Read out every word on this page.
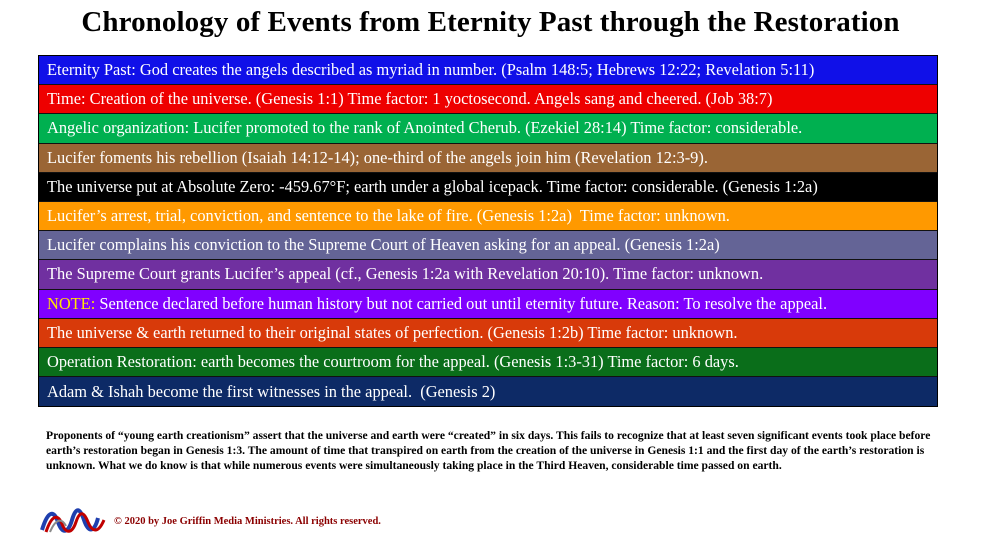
Chronology of Events from Eternity Past through the Restoration
Eternity Past: God creates the angels described as myriad in number. (Psalm 148:5; Hebrews 12:22; Revelation 5:11)
Time: Creation of the universe. (Genesis 1:1) Time factor: 1 yoctosecond. Angels sang and cheered. (Job 38:7)
Angelic organization: Lucifer promoted to the rank of Anointed Cherub. (Ezekiel 28:14) Time factor: considerable.
Lucifer foments his rebellion (Isaiah 14:12-14); one-third of the angels join him (Revelation 12:3-9).
The universe put at Absolute Zero: -459.67°F; earth under a global icepack. Time factor: considerable. (Genesis 1:2a)
Lucifer’s arrest, trial, conviction, and sentence to the lake of fire. (Genesis 1:2a)  Time factor: unknown.
Lucifer complains his conviction to the Supreme Court of Heaven asking for an appeal. (Genesis 1:2a)
The Supreme Court grants Lucifer’s appeal (cf., Genesis 1:2a with Revelation 20:10). Time factor: unknown.
NOTE: Sentence declared before human history but not carried out until eternity future. Reason: To resolve the appeal.
The universe & earth returned to their original states of perfection. (Genesis 1:2b) Time factor: unknown.
Operation Restoration: earth becomes the courtroom for the appeal. (Genesis 1:3-31) Time factor: 6 days.
Adam & Ishah become the first witnesses in the appeal.  (Genesis 2)
Proponents of “young earth creationism” assert that the universe and earth were “created” in six days. This fails to recognize that at least seven significant events took place before earth’s restoration began in Genesis 1:3. The amount of time that transpired on earth from the creation of the universe in Genesis 1:1 and the first day of the earth’s restoration is unknown. What we do know is that while numerous events were simultaneously taking place in the Third Heaven, considerable time passed on earth.
© 2020 by Joe Griffin Media Ministries. All rights reserved.
